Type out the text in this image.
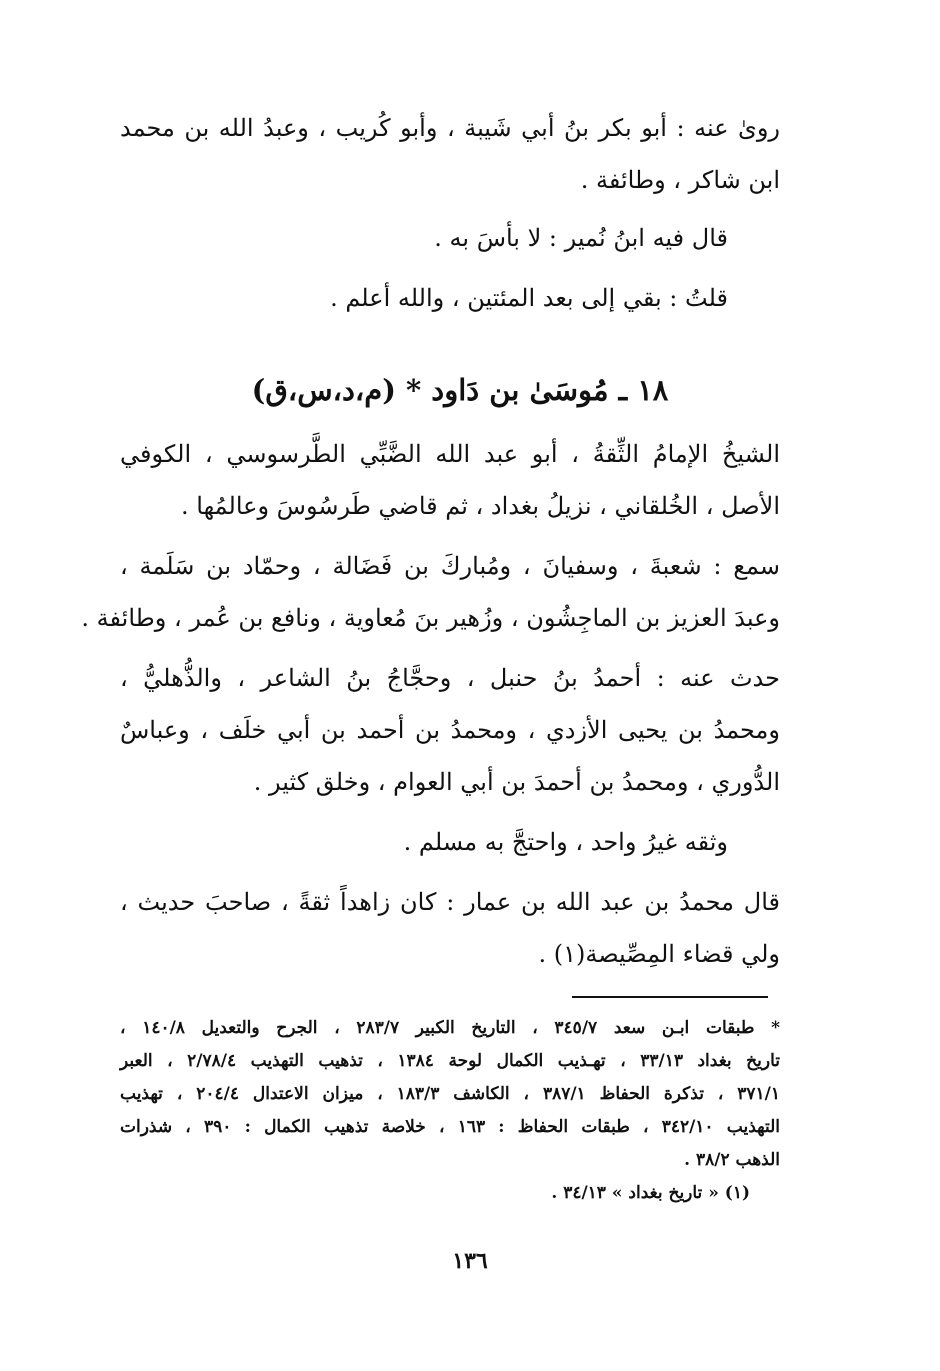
روىٰ عنه : أبو بكر بنُ أبي شَيبة ، وأبو كُريب ، وعبدُ الله بن محمد
ابن شاكر ، وطائفة .

قال فيه ابنُ نُمير : لا بأسَ به .

قلتُ : بقي إلى بعد المئتين ، والله أعلم .

١٨ ـ مُوسَىٰ بن دَاود * (م،د،س،ق)

الشيخُ الإمامُ الثِّقةُ ، أبو عبد الله الضَّبِّي الطَّرسوسي ، الكوفي
الأصل ، الخُلقاني ، نزيلُ بغداد ، ثم قاضي طَرسُوسَ وعالمُها .

سمع : شعبةَ ، وسفيانَ ، ومُباركَ بن فَضَالة ، وحمّاد بن سَلَمة ،
وعبدَ العزيز بن الماجِشُون ، وزُهير بنَ مُعاوية ، ونافع بن عُمر ، وطائفة .

حدث عنه : أحمدُ بنُ حنبل ، وحجَّاجُ بنُ الشاعر ، والذُّهليُّ ،
ومحمدُ بن يحيى الأزدي ، ومحمدُ بن أحمد بن أبي خلَف ، وعباسٌ
الدُّوري ، ومحمدُ بن أحمدَ بن أبي العوام ، وخلق كثير .

وثقه غيرُ واحد ، واحتجَّ به مسلم .

قال محمدُ بن عبد الله بن عمار : كان زاهداً ثقةً ، صاحبَ حديث ،
ولي قضاء المِصِّيصة(١) .

* طبقات ابـن سعد ٣٤٥/٧ ، التاريخ الكبير ٢٨٣/٧ ، الجرح والتعديل ١٤٠/٨ ،
تاريخ بغداد ٣٣/١٣ ، تهـذيب الكمال لوحة ١٣٨٤ ، تذهيب التهذيب ٢/٧٨/٤ ، العبر
٣٧١/١ ، تذكرة الحفاظ ٣٨٧/١ ، الكاشف ١٨٣/٣ ، ميزان الاعتدال ٢٠٤/٤ ، تهذيب
التهذيب ٣٤٢/١٠ ، طبقات الحفاظ : ١٦٣ ، خلاصة تذهيب الكمال : ٣٩٠ ، شذرات
الذهب ٣٨/٢ .
(١) « تاريخ بغداد » ٣٤/١٣ .
١٣٦
